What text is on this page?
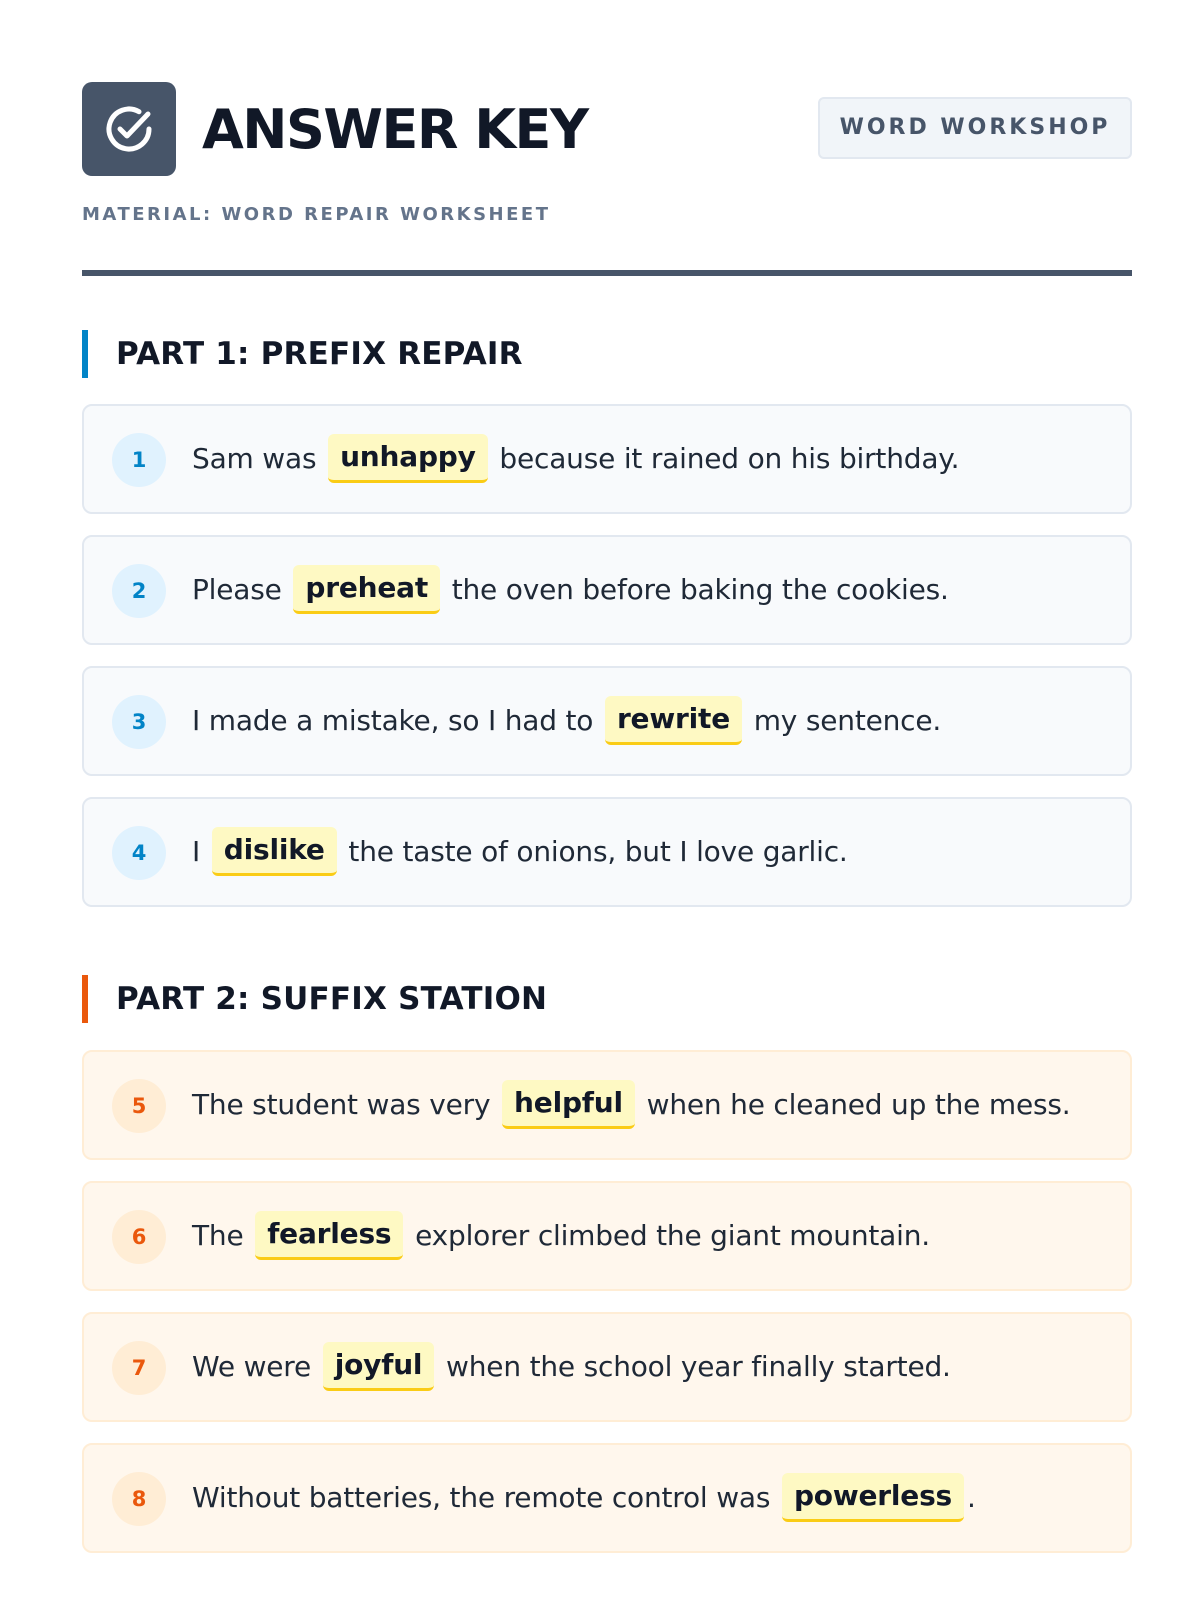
ANSWER KEY	WORD WORKSHOP
MATERIAL: WORD REPAIR WORKSHEET
PART 1: PREFIX REPAIR
1	Sam was unhappy because it rained on his birthday.
2	Please preheat the oven before baking the cookies.
3	I made a mistake, so I had to rewrite my sentence.
4	I dislike the taste of onions, but I love garlic.
PART 2: SUFFIX STATION
5	The student was very helpful when he cleaned up the mess.
6	The fearless explorer climbed the giant mountain.
7	We were joyful when the school year finally started.
8	Without batteries, the remote control was powerless .
